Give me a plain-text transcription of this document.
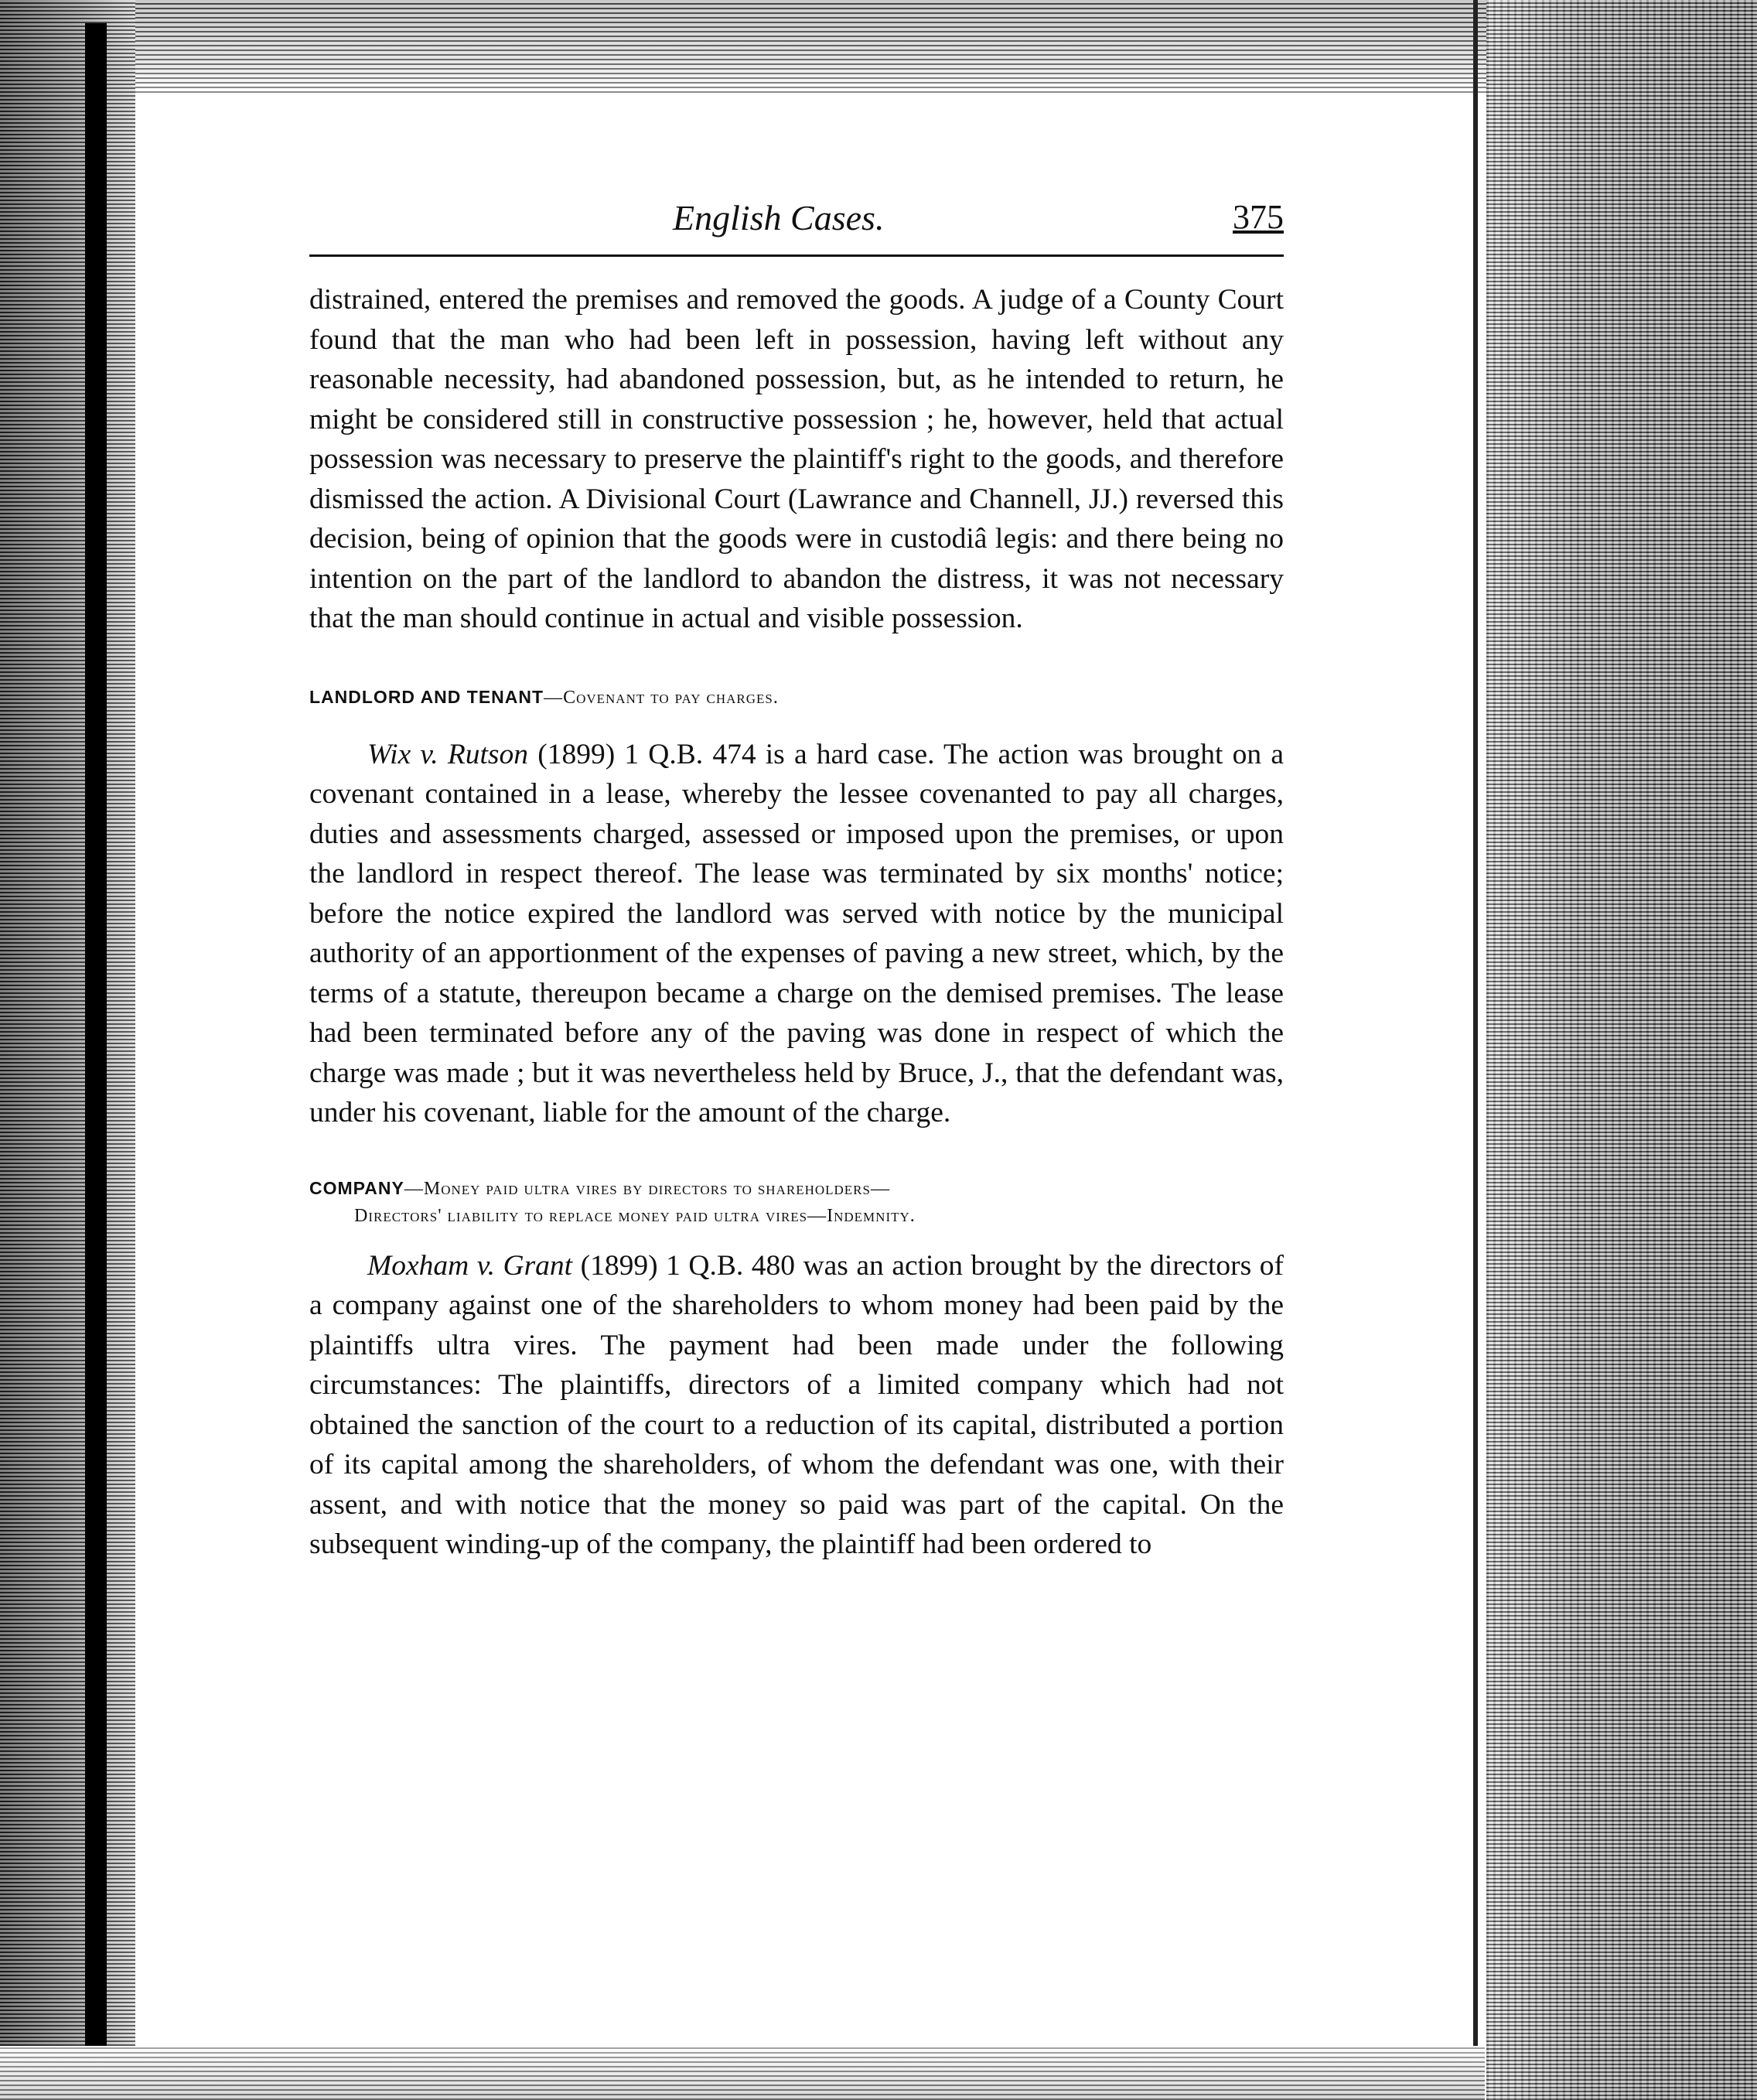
English Cases.	375

distrained, entered the premises and removed the goods. A judge of a County Court found that the man who had been left in possession, having left without any reasonable necessity, had abandoned possession, but, as he intended to return, he might be considered still in constructive possession ; he, however, held that actual possession was necessary to preserve the plaintiff's right to the goods, and therefore dismissed the action. A Divisional Court (Lawrance and Channell, JJ.) reversed this decision, being of opinion that the goods were in custodiâ legis: and there being no intention on the part of the landlord to abandon the distress, it was not necessary that the man should continue in actual and visible possession.

LANDLORD AND TENANT—Covenant to pay charges.

Wix v. Rutson (1899) 1 Q.B. 474 is a hard case. The action was brought on a covenant contained in a lease, whereby the lessee covenanted to pay all charges, duties and assessments charged, assessed or imposed upon the premises, or upon the landlord in respect thereof. The lease was terminated by six months' notice; before the notice expired the landlord was served with notice by the municipal authority of an apportionment of the expenses of paving a new street, which, by the terms of a statute, thereupon became a charge on the demised premises. The lease had been terminated before any of the paving was done in respect of which the charge was made ; but it was nevertheless held by Bruce, J., that the defendant was, under his covenant, liable for the amount of the charge.

COMPANY—Money paid ultra vires by directors to shareholders—
Directors' liability to replace money paid ultra vires—Indemnity.

Moxham v. Grant (1899) 1 Q.B. 480 was an action brought by the directors of a company against one of the shareholders to whom money had been paid by the plaintiffs ultra vires. The payment had been made under the following circumstances: The plaintiffs, directors of a limited company which had not obtained the sanction of the court to a reduction of its capital, distributed a portion of its capital among the shareholders, of whom the defendant was one, with their assent, and with notice that the money so paid was part of the capital. On the subsequent winding-up of the company, the plaintiff had been ordered to
